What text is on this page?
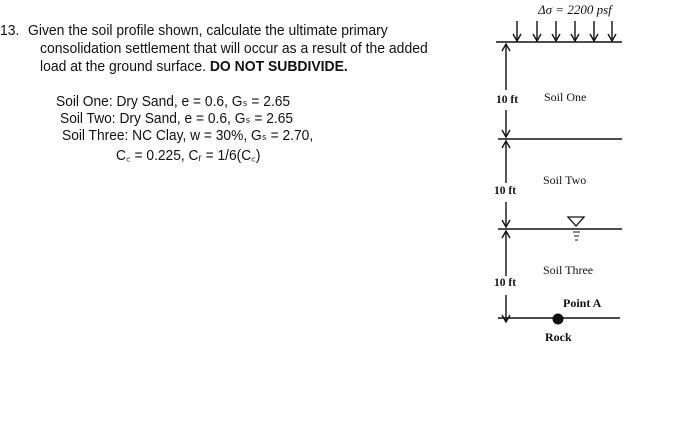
13. Given the soil profile shown, calculate the ultimate primary
consolidation settlement that will occur as a result of the added
load at the ground surface. DO NOT SUBDIVIDE.
Soil One: Dry Sand, e = 0.6, Gₛ = 2.65
Soil Two: Dry Sand, e = 0.6, Gₛ = 2.65
Soil Three: NC Clay, w = 30%, Gₛ = 2.70,
C꜀ = 0.225, Cᵣ = 1/6(C꜀)
Δσ = 2200 psf
10 ft Soil One
Soil Two
10 ft
Soil Three
10 ft
Point A
Rock
